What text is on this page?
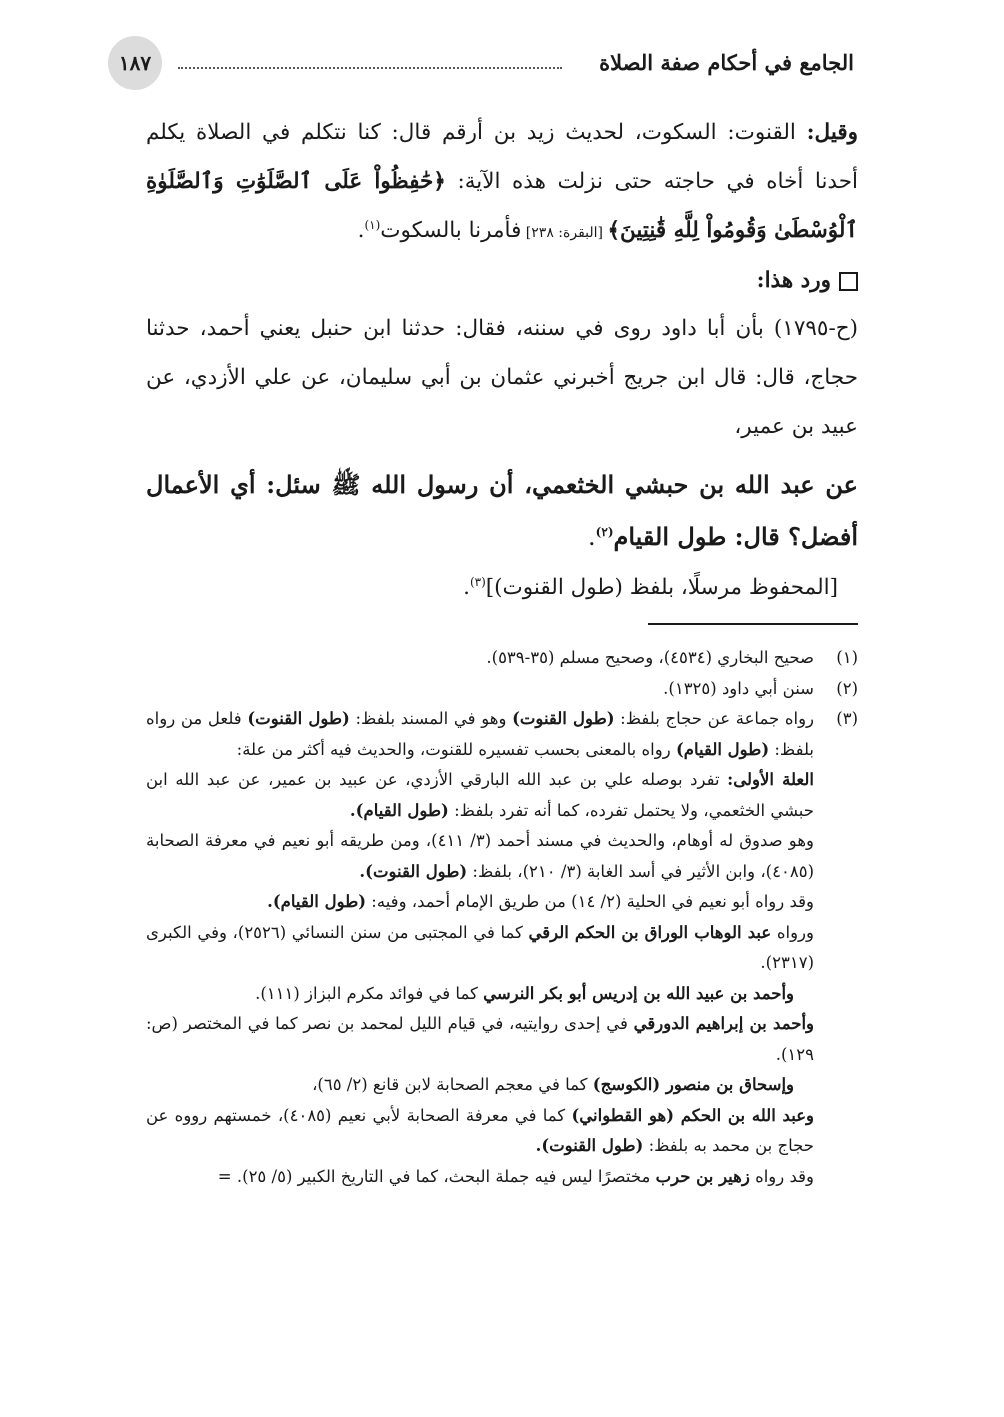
١٨٧	الجامع في أحكام صفة الصلاة

وقيل: القنوت: السكوت، لحديث زيد بن أرقم قال: كنا نتكلم في الصلاة يكلم أحدنا أخاه في حاجته حتى نزلت هذه الآية: ﴿حَٰفِظُواْ عَلَى ٱلصَّلَوَٰتِ وَٱلصَّلَوٰةِ ٱلْوُسْطَىٰ وَقُومُواْ لِلَّهِ قَٰنِتِينَ﴾ [البقرة: ٢٣٨] فأمرنا بالسكوت$^{(١)}$.

ورد هذا:

(ح-١٧٩٥) بأن أبا داود روى في سننه، فقال: حدثنا ابن حنبل يعني أحمد، حدثنا حجاج، قال: قال ابن جريج أخبرني عثمان بن أبي سليمان، عن علي الأزدي، عن عبيد بن عمير،

عن عبد الله بن حبشي الخثعمي، أن رسول الله ﷺ سئل: أي الأعمال أفضل؟ قال: طول القيام$^{(٢)}$.

[المحفوظ مرسلًا، بلفظ (طول القنوت)]$^{(٣)}$.

(١)
صحيح البخاري (٤٥٣٤)، وصحيح مسلم (٣٥-٥٣٩).
(٢)
سنن أبي داود (١٣٢٥).
(٣)
رواه جماعة عن حجاج بلفظ: (طول القنوت) وهو في المسند بلفظ: (طول القنوت) فلعل من رواه بلفظ: (طول القيام) رواه بالمعنى بحسب تفسيره للقنوت، والحديث فيه أكثر من علة:
العلة الأولى: تفرد بوصله علي بن عبد الله البارقي الأزدي، عن عبيد بن عمير، عن عبد الله ابن حبشي الخثعمي، ولا يحتمل تفرده، كما أنه تفرد بلفظ: (طول القيام).
وهو صدوق له أوهام، والحديث في مسند أحمد (٣/ ٤١١)، ومن طريقه أبو نعيم في معرفة الصحابة (٤٠٨٥)، وابن الأثير في أسد الغابة (٣/ ٢١٠)، بلفظ: (طول القنوت).
وقد رواه أبو نعيم في الحلية (٢/ ١٤) من طريق الإمام أحمد، وفيه: (طول القيام).
ورواه عبد الوهاب الوراق بن الحكم الرقي كما في المجتبى من سنن النسائي (٢٥٢٦)، وفي الكبرى (٢٣١٧).
وأحمد بن عبيد الله بن إدريس أبو بكر النرسي كما في فوائد مكرم البزاز (١١١).
وأحمد بن إبراهيم الدورقي في إحدى روايتيه، في قيام الليل لمحمد بن نصر كما في المختصر (ص: ١٢٩).
وإسحاق بن منصور (الكوسج) كما في معجم الصحابة لابن قانع (٢/ ٦٥)،
وعبد الله بن الحكم (هو القطواني) كما في معرفة الصحابة لأبي نعيم (٤٠٨٥)، خمستهم رووه عن حجاج بن محمد به بلفظ: (طول القنوت).
وقد رواه زهير بن حرب مختصرًا ليس فيه جملة البحث، كما في التاريخ الكبير (٥/ ٢٥). =
